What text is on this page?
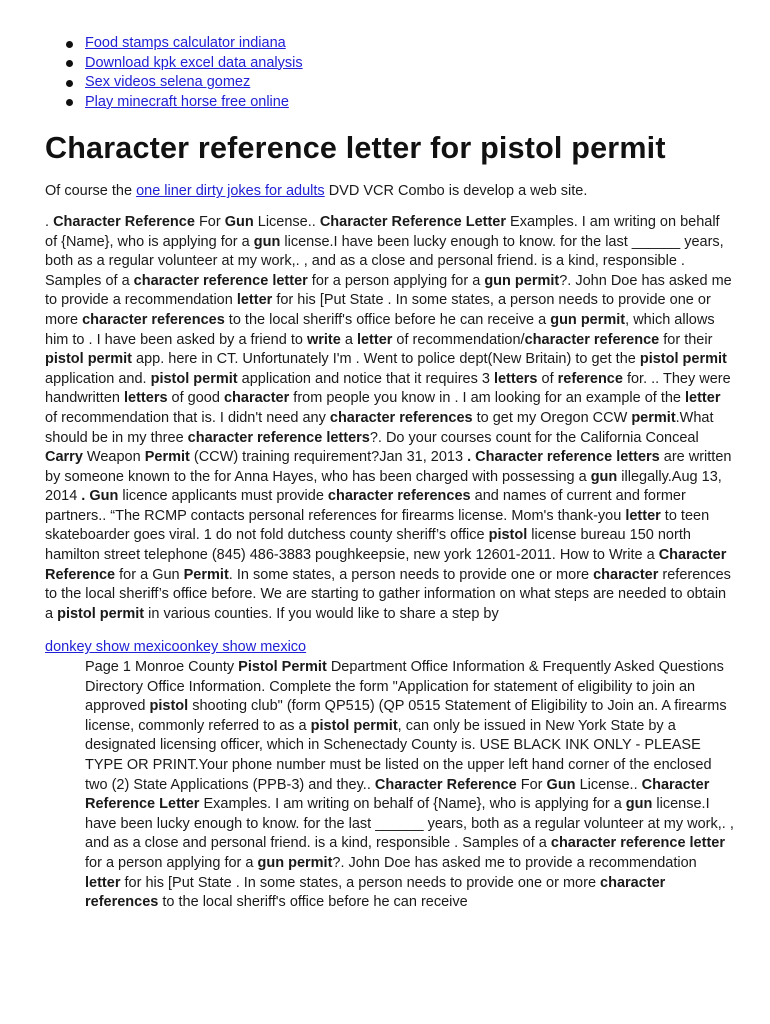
Food stamps calculator indiana
Download kpk excel data analysis
Sex videos selena gomez
Play minecraft horse free online
Character reference letter for pistol permit

Of course the one liner dirty jokes for adults DVD VCR Combo is develop a web site.

. Character Reference For Gun License.. Character Reference Letter Examples. I am writing on behalf of {Name}, who is applying for a gun license.I have been lucky enough to know. for the last ______ years, both as a regular volunteer at my work,. , and as a close and personal friend. is a kind, responsible . Samples of a character reference letter for a person applying for a gun permit?. John Doe has asked me to provide a recommendation letter for his [Put State . In some states, a person needs to provide one or more character references to the local sheriff's office before he can receive a gun permit, which allows him to . I have been asked by a friend to write a letter of recommendation/character reference for their pistol permit app. here in CT. Unfortunately I'm . Went to police dept(New Britain) to get the pistol permit application and. pistol permit application and notice that it requires 3 letters of reference for. .. They were handwritten letters of good character from people you know in . I am looking for an example of the letter of recommendation that is. I didn't need any character references to get my Oregon CCW permit.What should be in my three character reference letters?. Do your courses count for the California Conceal Carry Weapon Permit (CCW) training requirement?Jan 31, 2013 . Character reference letters are written by someone known to the for Anna Hayes, who has been charged with possessing a gun illegally.Aug 13, 2014 . Gun licence applicants must provide character references and names of current and former partners.. “The RCMP contacts personal references for firearms license. Mom's thank-you letter to teen skateboarder goes viral. 1 do not fold dutchess county sheriff’s office pistol license bureau 150 north hamilton street telephone (845) 486-3883 poughkeepsie, new york 12601-2011. How to Write a Character Reference for a Gun Permit. In some states, a person needs to provide one or more character references to the local sheriff’s office before. We are starting to gather information on what steps are needed to obtain a pistol permit in various counties. If you would like to share a step by

donkey show mexicoonkey show mexico

Page 1 Monroe County Pistol Permit Department Office Information & Frequently Asked Questions Directory Office Information. Complete the form "Application for statement of eligibility to join an approved pistol shooting club" (form QP515) (QP 0515 Statement of Eligibility to Join an. A firearms license, commonly referred to as a pistol permit, can only be issued in New York State by a designated licensing officer, which in Schenectady County is. USE BLACK INK ONLY - PLEASE TYPE OR PRINT.Your phone number must be listed on the upper left hand corner of the enclosed two (2) State Applications (PPB-3) and they.. Character Reference For Gun License.. Character Reference Letter Examples. I am writing on behalf of {Name}, who is applying for a gun license.I have been lucky enough to know. for the last ______ years, both as a regular volunteer at my work,. , and as a close and personal friend. is a kind, responsible . Samples of a character reference letter for a person applying for a gun permit?. John Doe has asked me to provide a recommendation letter for his [Put State . In some states, a person needs to provide one or more character references to the local sheriff's office before he can receive
